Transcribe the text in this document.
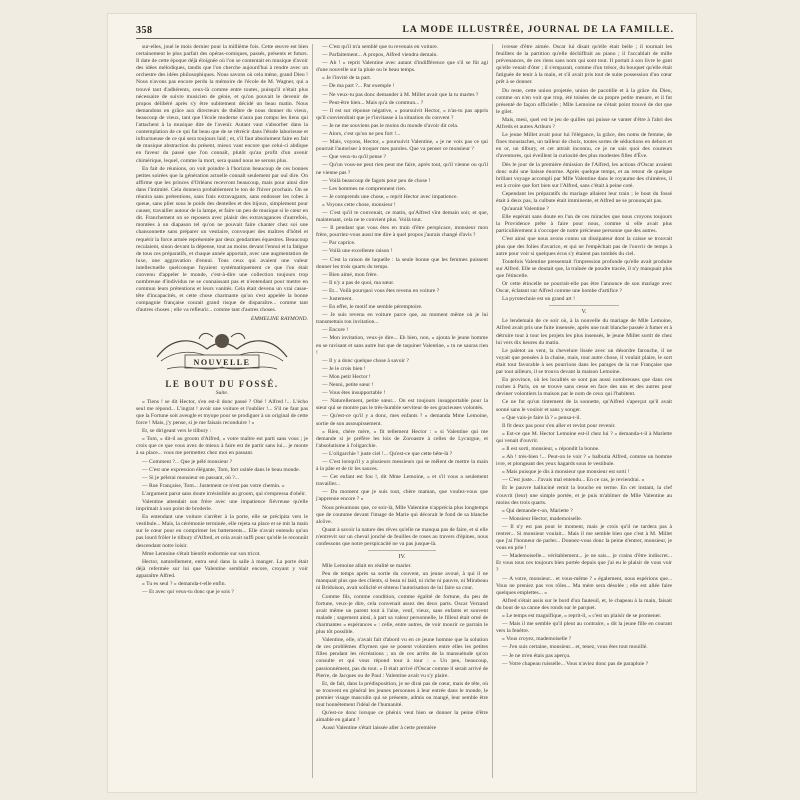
358	LA MODE ILLUSTRÉE, JOURNAL DE LA FAMILLE.

sur-elles, joué le mois dernier pour la millième fois. Cette œuvre est bien certainement le plus parfait des opéras-comiques, passés, présents et futurs. Il date de cette époque déjà éloignée où l'on se contentait en musique d'avoir des idées mélodiques, tandis que l'on cherche aujourd'hui à rendre avec un orchestre des idées philosophiques. Nous savons où cela mène, grand Dieu ! Nous n'avons pas encore perdu la mémoire de l'école de M. Wagner, qui a trouvé tant d'adhérents, ceux-là comme entre toutes, puisqu'il n'était plus nécessaire de suivre musicien de génie, et qu'on pouvait le devenir de propos délibéré après s'y être subitement décidé un beau matin. Nous demandons en grâce aux directeurs de théâtre de nous donner du vieux, beaucoup de vieux, tant que l'école moderne n'aura pas rompu les liens qui l'attachent à la musique dite de l'avenir. Autant vaut s'absorber dans la contemplation de ce qui fut beau que de se rétrécir dans l'étude laborieuse et infructueuse de ce qui sera toujours laid ; et, s'il faut absolument faire en fait de musique abstraction du présent, mieux vaut encore que celui-ci abdique en faveur du passé que l'on connaît, plutôt qu'au profit d'un avenir chimérique, lequel, comme la mort, sera quand nous ne serons plus.

En fait de réunions, on voit poindre à l'horizon beaucoup de ces bonnes petites soirées que la génération actuelle connaît seulement par ouï dire. On affirme que les princes d'Orléans recevront beaucoup, mais pour ainsi dire dans l'intimité. Cela donnera probablement le ton de l'hiver prochain. On se réunira sans prétentions, sans frais extravagants, sans endosser les robes à queue, sans plier sous le poids des dentelles et des bijoux, simplement pour causer, travailler autour de la lampe, et faire un peu de musique si le cœur en dit. Franchement on se reposera avec plaisir des extravagances d'autrefois, montées à un diapason tel qu'on ne pouvait faire chanter chez soi une chansonnette sans préparer un vestiaire, convoquer des maîtres d'hôtel et requérir la force armée représentée par deux gendarmes équestres. Beaucoup reculaient, sinon devant la dépense, tout au moins devant l'ennui et la fatigue de tous ces préparatifs, et chaque année apportait, avec une augmentation de luxe, une aggravation d'ennui. Tous ceux qui avaient une valeur intellectuelle quelconque fuyaient systématiquement ce que l'on était convenu d'appeler le monde, c'est-à-dire une collection toujours trop nombreuse d'individus ne se connaissant pas et n'entendant pour mettre en commun leurs prétentions et leurs vanités. Cela était devenu un vrai casse-tête d'incapacités, et cette chose charmante qu'on s'est appelée la bonne compagnie française courait grand risque de disparaître... comme tant d'autres choses ; elle va refleurir... comme tant d'autres choses.

EMMELINE RAYMOND.
NOUVELLE
LE BOUT DU FOSSÉ.
Suite.

« Tiens ! se dit Hector, s'en est-il donc passé ? Ohé ! Alfred !... L'écho seul me répond... L'ingrat ! avoir une voiture et l'oublier !... S'il ne faut pas que la Fortune soit aveugle et myope pour se prodiguer à un original de cette force ! Mais, j'y pense, si je me faisais reconduire ! »

Et, se dirigeant vers le tilbury :

« Tom, » dit-il au groom d'Alfred, « votre maître est parti sans vous ; je crois que ce que vous avez de mieux à faire est de partir sans lui... je monte à sa place... vous me permettez chez moi en passant.

— Comment ?... Que je pélé monsieur ?

— C'est une expression élégante, Tom, fort usitée dans le beau monde.

— Si je pélerai monsieur en passant, où ?...

— Rue Française, Tom... Justement ce n'est pas votre chemin. »

L'argument parut sans doute irrésistible au groom, qui s'empressa d'obéir.

Valentine attendait son frère avec une impatience fiévreuse qu'elle imprimait à son point de broderie.

En entendant une voiture s'arrêter à la porte, elle se précipita vers le vestibule... Mais, la cérémonie terminée, elle rejeta sa place et se mit la main sur le cœur pour en comprimer les battements... Elle n'avait entendu qu'un pas lourd frôler le tilbury d'Alfred, et cela avait suffi pour qu'elle le reconnût descendant notre loisir.

Mme Lemoine s'était bientôt endormie sur son tricot.

Hector, naturellement, entra seul dans la salle à manger. La porte était déjà refermée sur lui que Valentine semblait encore, croyant y voir apparaître Alfred.

« Tu es seul ? » demanda-t-elle enfin.

— Et avec qui veux-tu donc que je sois ?

— C'est qu'il m'a semblé que tu revenais en voiture.

— Parfaitement... A propos, Alfred viendra demain.

— Ah ! » reprit Valentine avec autant d'indifférence que s'il se fût agi d'une nouvelle sur la pluie ou le beau temps.

« Je l'invité de ta part.

— De ma part ?... Par exemple !

— Ne veux-tu pas donc demander à M. Millet avait que la tu martes ?

— Peut-être bien... Mais qu'a de commun... ?

— Il est sur réponse négative, » poursuivit Hector, « n'as-tu pas appris qu'il conviendrait que je t'invitasse à la situation du convent ?

— Je ne me souviens pas le moins du monde d'avoir dit cela.

— Alors, c'est qu'on ne peu fort !...

— Mais, voyons, Hector, » poursuivit Valentine, « je ne vois pas ce qui pourrait l'autoriser à troquer mes paroles. Que va penser ce monsieur ?

— Que veux-tu qu'il pense ?

— Qu'un vous-ne peut rien peut me faire, après tout, qu'il vienne ou qu'il ne vienne pas ?

— Voilà beaucoup de fagots pour peu de chose !

— Les hommes ne comprennent rien.

— Je comprends une chose, » reprit Hector avec impatience.

« Voyons cette chose, monsieur !

— C'est qu'il te convenait, ce matin, qu'Alfred vînt demain soir, et que, maintenant, cela ne te convient plus. Voilà tout.

— Il pendant que vous êtes en train d'être perspicace, monsieur mon frère, pourriez-vous aussi me dire à quel propos j'aurais changé d'avis ?

— Par caprice.

— Voilà une excellente raison !

— C'est la raison de laquelle : la seule bonne que les femmes puissent donner les trois quarts du temps.

— Bien aimé, mon frère.

— Il n'y a pas de quoi, ma sœur.

— Et... Voilà pourquoi vous êtes revenu en voiture ?

— Justement.

— En effet, le motif me semble péremptoire.

— Je suis revenu en voiture parce que, au moment même où je lui transmettais ton invitation...

— Encore !

— Mon invitation, veux-je dire... Eh bien, non, » ajouta le jeune homme en se ravisant et sans autre but que de taquiner Valentine, « tu ne sauras rien !

— Il y a donc quelque chose à savoir ?

— Je le crois bien !

— Mon petit Hector !

— Nenni, petite sœur !

— Vous êtes insupportable !

— Naturellement, petite sœur... On est toujours insupportable pour la sœur qui se montre pas le très-humble serviteur de ses gracieuses volontés.

— Qu'est-ce qu'il y a donc, mes enfants ? » demanda Mme Lemoine, sortie de son assoupissement.

« Rien, chère mère, » fit tellement Hector : « si Valentine qui me demande si je préfère les lois de Zoroastre à celles de Lycurgue, et l'absolutisme à l'oligarchie.

— L'oligarchie ! juste ciel !... Qu'est-ce que cette bête-là ?

— C'est lorsqu'il y a plusieurs messieurs qui se mêlent de mettre la main à la pâte et de tir les sauces.

— Cet enfant est fou !, dit Mme Lemoine, « et s'il vous a seulement travailler...

— Du moment que je suis tout, chère maman, que voulez-vous que j'apprenne encore ? »

Nous présumons que, ce soir-là, Mlle Valentine n'apprécia plus longtemps que de coutume devant l'image de Marie qui décorait le fond de sa blanche alcôve.

Quant à savoir la nature des rêves qu'elle ne manqua pas de faire, et si elle n'entrevit sur un cheval jonché de feuilles de roses au travers d'épines, nous confessons que notre perspicacité ne va pas jusque-là.

IV.

Mlle Lemoine allait en réalité se marier.

Peu de temps après sa sortie du couvent, un jeune avoué, à qui il ne manquait plus que des clients, si beau ni laid, ni riche ni pauvre, ni Mirabeau ni Bridoison, avait sollicité et obtenu l'autorisation de lui faire sa cour.

Comme fils, comme condition, comme égalité de fortune, du peu de fortune, veux-je dire, cela convenait assez des deux parts. Oscar Verzand avait même un parent tout à l'aise, veuf, vieux, sans enfants et souvent malade ; sagement ainsi, à part sa valeur personnelle, le filleul était orné de charmantes « espérances » : celle, entre autres, de voir mourir ce parrain le plus tôt possible.

Valentine, elle, n'avait fait d'abord vu en ce jeune homme que la solution de ces problèmes d'hymen que se posent volontiers entre elles les petites filles pendant les récréations ; un de ces arrêts de la mansuétude qu'on consulte et qui vous répond tour à tour : « Un peu, beaucoup, passionnément, pas du tout. » Il était arrivé d'Oscar comme il serait arrivé de Pierre, de Jacques ou de Paul : Valentine avait vu s'y plaire.

Et, de fait, dans la prédisposition, je ne dirai pas de cœur, mais de tête, où se trouvent en général les jeunes personnes à leur entrée dans le monde, le premier visage masculin qui se présente, admis ou mangé, leur semble être tout honnêtement l'idéal de l'humanité.

Qu'est-ce donc lorsque ce phénix veut bien se donner la peine d'être aimable en galant ?

Aussi Valentine s'était laissée aller à cette première

ivresse d'être aimée. Oscar lui disait qu'elle était belle ; il tournait les feuillets de la partition qu'elle déchiffrait au piano ; il l'accablait de mille prévenances, de ces riens sans nom qui sont tout. Il portait à son livre le gant qu'elle venait d'ôter ; il s'emparait, comme d'un trésor, du bouquet qu'elle était fatiguée de tenir à la main, et s'il avait pris tout de suite possession d'un cœur prêt à se donner.

Du reste, cette union projetée, union de pacotille et à la grâce du Dieu, comme on n'en voit que trop, été toisées de sa propre petite mesure, et il fut présenté de façon officielle ; Mlle Lemoine ne s'était point trouvé de dot que le gilet.

Mais, mesi, quel est le jeu de quilles qui puisse se vanter d'être à l'abri des Alfreds et autres Arthurs ?

Le jeune Millet avait pour lui l'élégance, la grâce, des noms de femme, de fines moustaches, un tailleur de choix, toutes sortes de séductions en dehors et en or, un tilbury, et cet attrait inconnu, ce je ne sais quoi des coureurs d'aventures, qui éveillent la curiosité des plus modestes filles d'Ève.

Dès le jour de la première émission de l'Alfred, les actions d'Oscar avaient donc subi une baisse énorme. Après quelque temps, et au retour de quelque brillant voyage accompli par Mlle Valentine dans le royaume des chimères, il est à croire que fort bien sur l'Alfred, sans c'était à peine coté.

Cependant les préparatifs du mariage allaient leur train ; le bout du fossé était à deux pas, la culbute était imminente, et Alfred ne se prononçait pas.

Qu'aurait Valentine ?

Elle espérait sans doute en l'un de ces miracles que nous croyons toujours la Providence prête à faire pour nous, comme si elle avait plus particulièrement à s'occuper de notre précieuse personne que des autres.

C'est ainsi que nous avons connu un dissipateur dont la caisse se trouvait plus que des folies d'avarice, et qui ne l'empêchait pas de l'ouvrir de temps à autre pour voir si quelques écus s'y étaient pas tombés du ciel.

Toutefois Valentine pressentait l'impression profonde qu'elle avait produite sur Alfred. Elle se doutait que, la traînée de poudre tracée, il n'y manquait plus que l'étincelle.

Or cette étincelle ne pourrait-elle pas être l'annonce de son mariage avec Oscar, éclatant sur Alfred comme une bombe d'artifice ?

La pyrotechnie est un grand art !

V.

Le lendemain de ce soir où, à la nouvelle du mariage de Mlle Lemoine, Alfred avait pris une fuite insensée, après une nuit blanche passée à fumer et à détruire tour à tour les projets les plus insensés, le jeune Millet sortit de chez lui vers dix heures du matin.

Le paletot au vent, la chevelure lissée avec un désordre farouche, il ne voyait que pensées à la chaise, mais, tout autre chose, il voulait plaire, le sort était tout favorable à ses pourrions dans les parages de la rue Française que par tout ailleurs, il se trouva devant la maison Lemoine.

En province, où les localités se sont pas aussi nombreuses que dans ces ruches à Paris, on se trouve sans cesse en face des uns et des autres pour deviner volontiers la maison par le nom de ceux qui l'habitent.

Ce ne fut qu'un tintement de la sonnette, qu'Alfred s'aperçut qu'il avait sonné sans le vouloir et sans y songer.

« Que vais-je faire là ? » pensa-t-il.

Il fit deux pas pour s'en aller et revint pour revenir.

« Est-ce que M. Hector Lemoine est-il chez lui ? » demanda-t-il à Mariette qui venait d'ouvrir.

« Il est sorti, monsieur, » répondit la bonne.

« Ah ! très-bien !... Peut-on le voir ? » balbutia Alfred, comme un homme ivre, et plongeant des yeux hagards sous le vestibule.

« Mais puisque je dis à monsieur que monsieur est sorti !

— C'est juste... J'avais mal entendu... En ce cas, je reviendrai. »

Et le pauvre halluciné remit la bouche en terme. En cet instant, la clef s'ouvrit (leur) une simple portée, et je puis m'abîmer de Mlle Valentine au moins des trois quarts.

« Qui demande-t-on, Mariette ?

— Monsieur Hector, mademoiselle.

— Il n'y est pas pour le moment, mais je crois qu'il ne tardera pas à rentrer... Si monsieur voulait... Mais il me semble bien que c'est à M. Millet que j'ai l'honneur de parler... Donnez-vous donc la peine d'entrer, monsieur, je vous en prie !

— Mademoiselle... véritablement... je ne sais... je crains d'être indiscret... Et vous tous ces toujours bien portée depuis que j'ai eu le plaisir de vous voir ?

— A votre, monsieur... et vous-même ? » également, nous espérions que... Vous ne preniez pas vos rôles... Ma mère sera désolée ; elle est allée faire quelques emplettes... »

Alfred s'était assis sur le bord d'un fauteuil, et, le chapeau à la main, faisait du bout de sa canne des ronds sur le parquet.

« Le temps est magnifique, » reprit-il, « c'est un plaisir de se promener.

— Mais il me semble qu'il pleut au contraire, » dit la jeune fille en courant vers la fenêtre.

« Vous croyez, mademoiselle ?

— J'en suis certaine, monsieur... et, tenez, vous êtes tout mouillé.

— Je ne m'en étais pas aperçu.

— Votre chapeau ruisselle... Vous n'aviez donc pas de parapluie ?
